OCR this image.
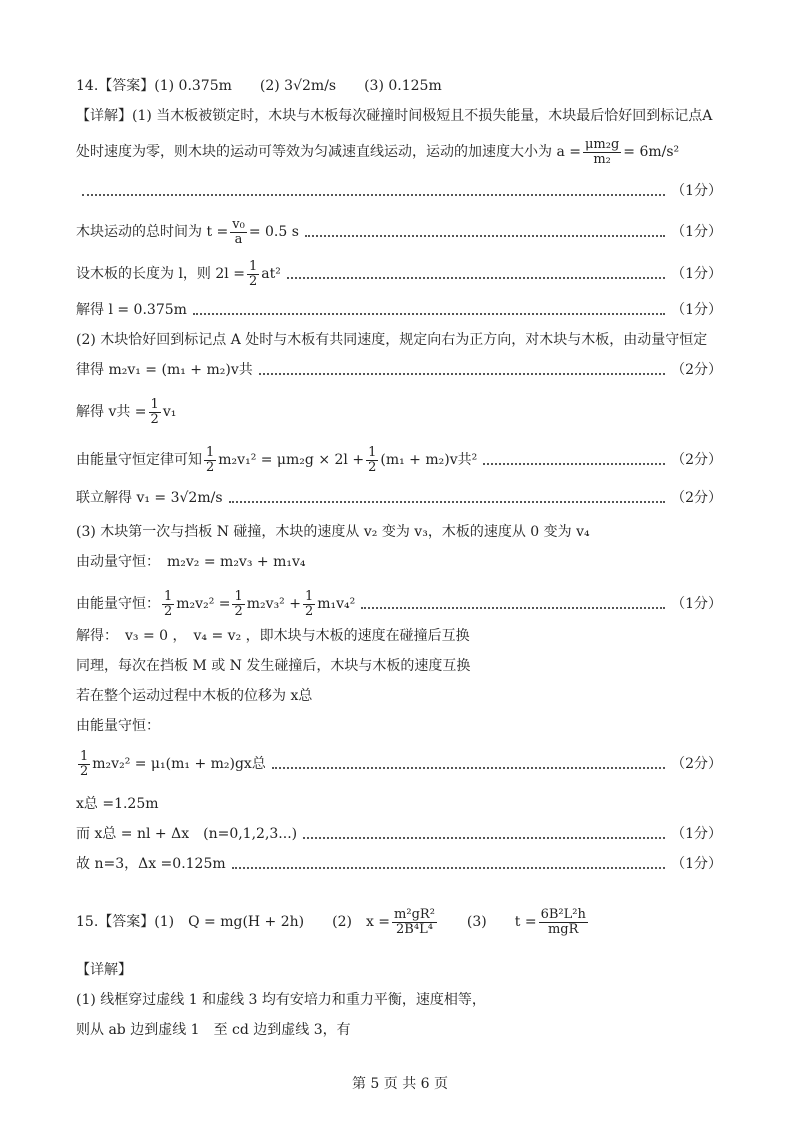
14.【答案】(1) 0.375m　　(2) 3√2m/s　　(3) 0.125m
【详解】(1) 当木板被锁定时，木块与木板每次碰撞时间极短且不损失能量，木块最后恰好回到标记点A
处时速度为零，则木块的运动可等效为匀减速直线运动，运动的加速度大小为 $a = \frac{\text{μm₂g}}{\text{m₂}} = 6m/s^2$
（1分）
木块运动的总时间为 $t = \frac{\text{v₀}}{a} = 0.5$ s	（1分）
设木板的长度为 l，则 $2l = \frac{1}{2} at^2$	（1分）
解得 l = 0.375m	（1分）
(2) 木块恰好回到标记点 A 处时与木板有共同速度，规定向右为正方向，对木块与木板，由动量守恒定
律得 m₂v₁ = (m₁ + m₂)v共	（2分）
解得 v共 = $\frac{1}{2} v_1$
由能量守恒定律可知 $\frac{1}{2} m_2v_1^2 = \mu m_2g \times 2l + \frac{1}{2} (m_1 + m_2)v$共²	（2分）
联立解得 v₁ = 3√2m/s	（2分）
(3) 木块第一次与挡板 N 碰撞，木块的速度从 v₂ 变为 v₃，木板的速度从 0 变为 v₄
由动量守恒：　m₂v₂ = m₂v₃ + m₁v₄
由能量守恒： $\frac{1}{2} m_2v_2^2 = \frac{1}{2} m_2v_3^2 + \frac{1}{2} m_1v_4^2$	（1分）
解得：　v₃ = 0 ，　v₄ = v₂ ，即木块与木板的速度在碰撞后互换
同理，每次在挡板 M 或 N 发生碰撞后，木块与木板的速度互换
若在整个运动过程中木板的位移为 x总
由能量守恒：
$\frac{1}{2} m_2v_2^2 = \mu_1(m_1 + m_2)gx$总	（2分）
x总 =1.25m
而 x总 = nl + Δx　(n=0,1,2,3...)	（1分）
故 n=3，Δx =0.125m	（1分）
15.【答案】(1)　Q = mg(H + 2h)　　(2)　$x = \frac{\text{m²gR²}}{\text{2B⁴L⁴}}$ 　　(3)　　$t = \frac{\text{6B²L²h}}{\text{mgR}}$
【详解】
(1) 线框穿过虚线 1 和虚线 3 均有安培力和重力平衡，速度相等，
则从 ab 边到虚线 1　至 cd 边到虚线 3，有
第 5 页 共 6 页
